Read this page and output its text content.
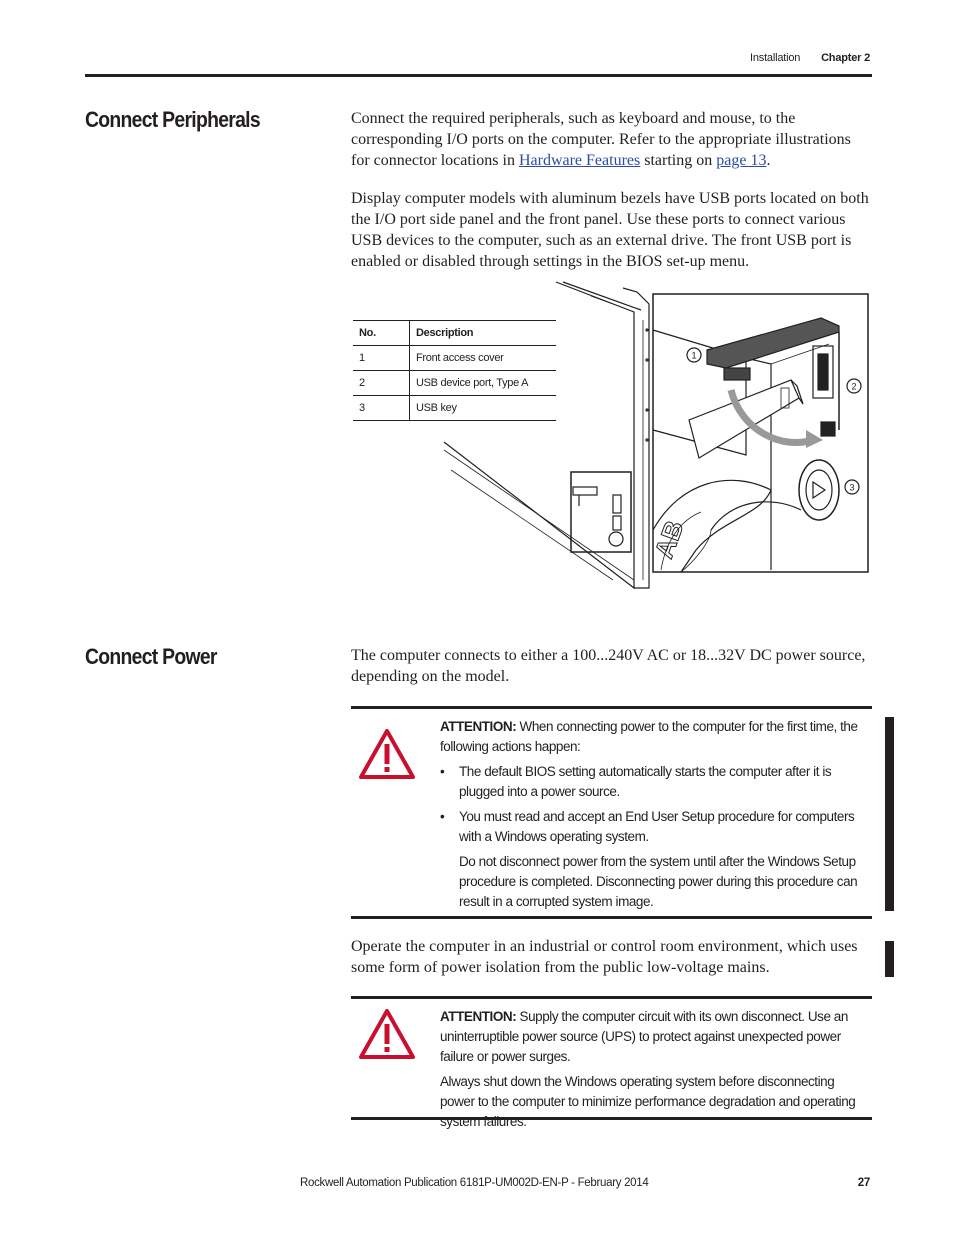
Installation Chapter 2
Connect Peripherals	Connect the required peripherals, such as keyboard and mouse, to the corresponding I/O ports on the computer. Refer to the appropriate illustrations for connector locations in Hardware Features starting on page 13.

Display computer models with aluminum bezels have USB ports located on both the I/O port side panel and the front panel. Use these ports to connect various USB devices to the computer, such as an external drive. The front USB port is enabled or disabled through settings in the BIOS set-up menu.

AB
1
2
3
No.	Description
1	Front access cover
2	USB device port, Type A
3	USB key
Connect Power	The computer connects to either a 100...240V AC or 18...32V DC power source, depending on the model.

ATTENTION: When connecting power to the computer for the first time, the following actions happen:

• The default BIOS setting automatically starts the computer after it is plugged into a power source.
• You must read and accept an End User Setup procedure for computers with a Windows operating system.

Do not disconnect power from the system until after the Windows Setup procedure is completed. Disconnecting power during this procedure can result in a corrupted system image.

Operate the computer in an industrial or control room environment, which uses some form of power isolation from the public low-voltage mains.

ATTENTION: Supply the computer circuit with its own disconnect. Use an uninterruptible power source (UPS) to protect against unexpected power failure or power surges.

Always shut down the Windows operating system before disconnecting power to the computer to minimize performance degradation and operating system failures.

Rockwell Automation Publication 6181P-UM002D-EN-P - February 2014	27
